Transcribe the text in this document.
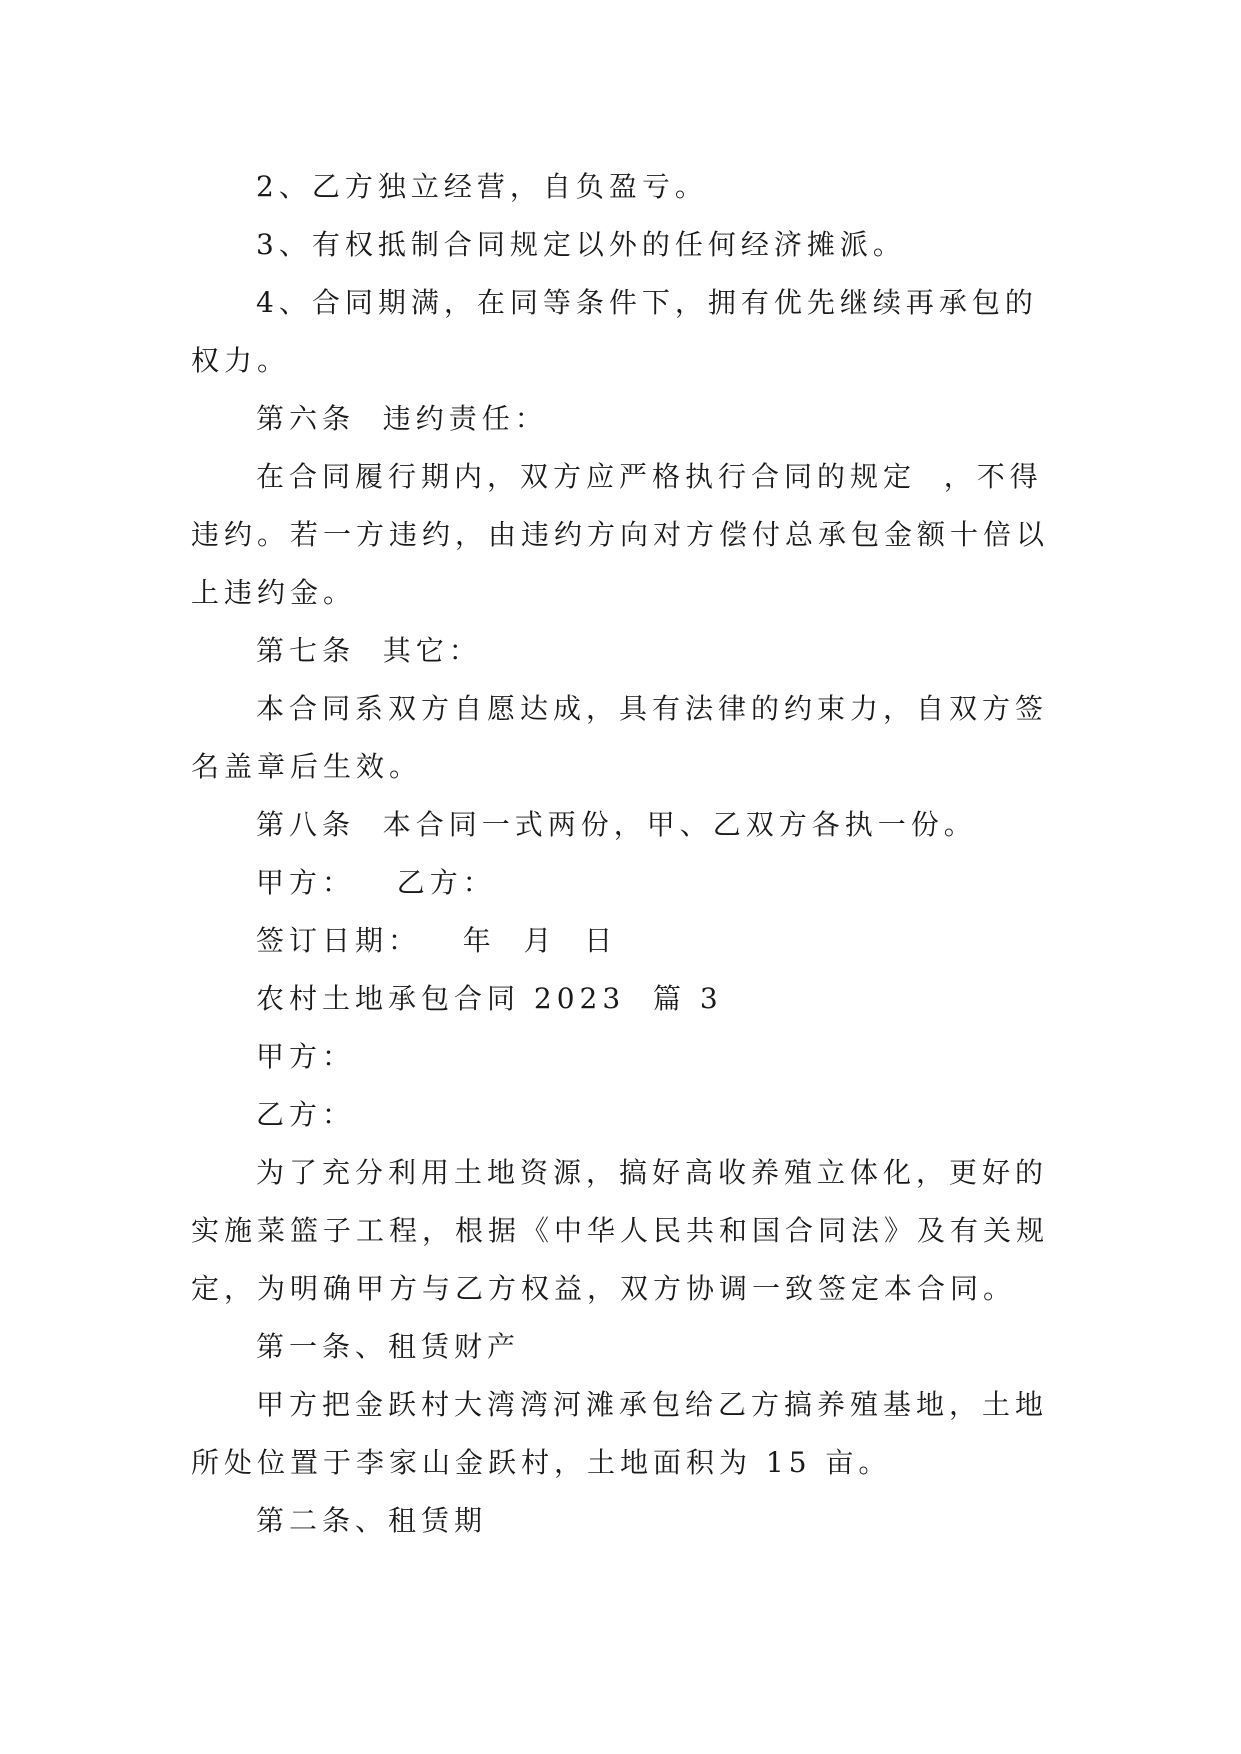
2、乙方独立经营，自负盈亏。
3、有权抵制合同规定以外的任何经济摊派。
4、合同期满，在同等条件下，拥有优先继续再承包的
权力。
第六条  违约责任：
在合同履行期内，双方应严格执行合同的规定  ，不得
违约。若一方违约，由违约方向对方偿付总承包金额十倍以
上违约金。
第七条  其它：
本合同系双方自愿达成，具有法律的约束力，自双方签
名盖章后生效。
第八条  本合同一式两份，甲、乙双方各执一份。
甲方：   乙方：
签订日期：   年  月  日
农村土地承包合同 2023  篇 3
甲方：
乙方：
为了充分利用土地资源，搞好高收养殖立体化，更好的
实施菜篮子工程，根据《中华人民共和国合同法》及有关规
定，为明确甲方与乙方权益，双方协调一致签定本合同。
第一条、租赁财产
甲方把金跃村大湾湾河滩承包给乙方搞养殖基地，土地
所处位置于李家山金跃村，土地面积为 15 亩。
第二条、租赁期
